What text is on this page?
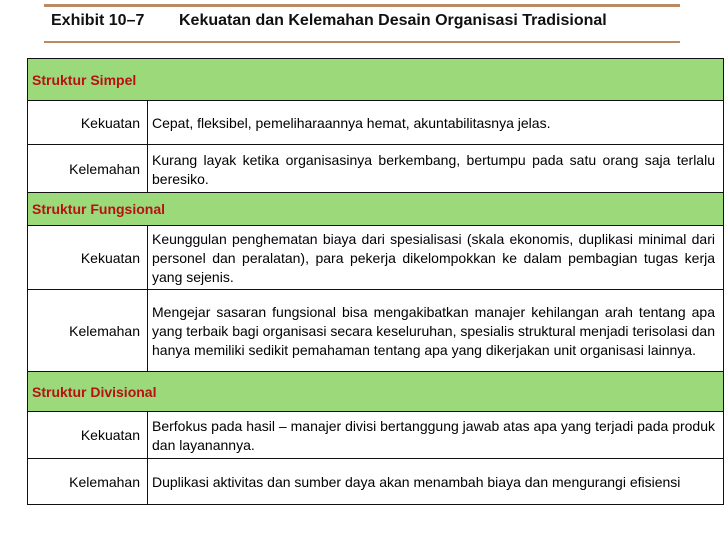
Exhibit 10–7 Kekuatan dan Kelemahan Desain Organisasi Tradisional
Struktur Simpel
Kekuatan Cepat, fleksibel, pemeliharaannya hemat, akuntabilitasnya jelas.
Kelemahan
Kurang layak ketika organisasinya berkembang, bertumpu pada satu orang saja terlalu beresiko.
Struktur Fungsional
Kekuatan
Keunggulan penghematan biaya dari spesialisasi (skala ekonomis, duplikasi minimal dari personel dan peralatan), para pekerja dikelompokkan ke dalam pembagian tugas kerja yang sejenis.
Kelemahan
Mengejar sasaran fungsional bisa mengakibatkan manajer kehilangan arah tentang apa yang terbaik bagi organisasi secara keseluruhan, spesialis struktural menjadi terisolasi dan hanya memiliki sedikit pemahaman tentang apa yang dikerjakan unit organisasi lainnya.
Struktur Divisional
Kekuatan
Berfokus pada hasil – manajer divisi bertanggung jawab atas apa yang terjadi pada produk dan layanannya.
Kelemahan Duplikasi aktivitas dan sumber daya akan menambah biaya dan mengurangi efisiensi
